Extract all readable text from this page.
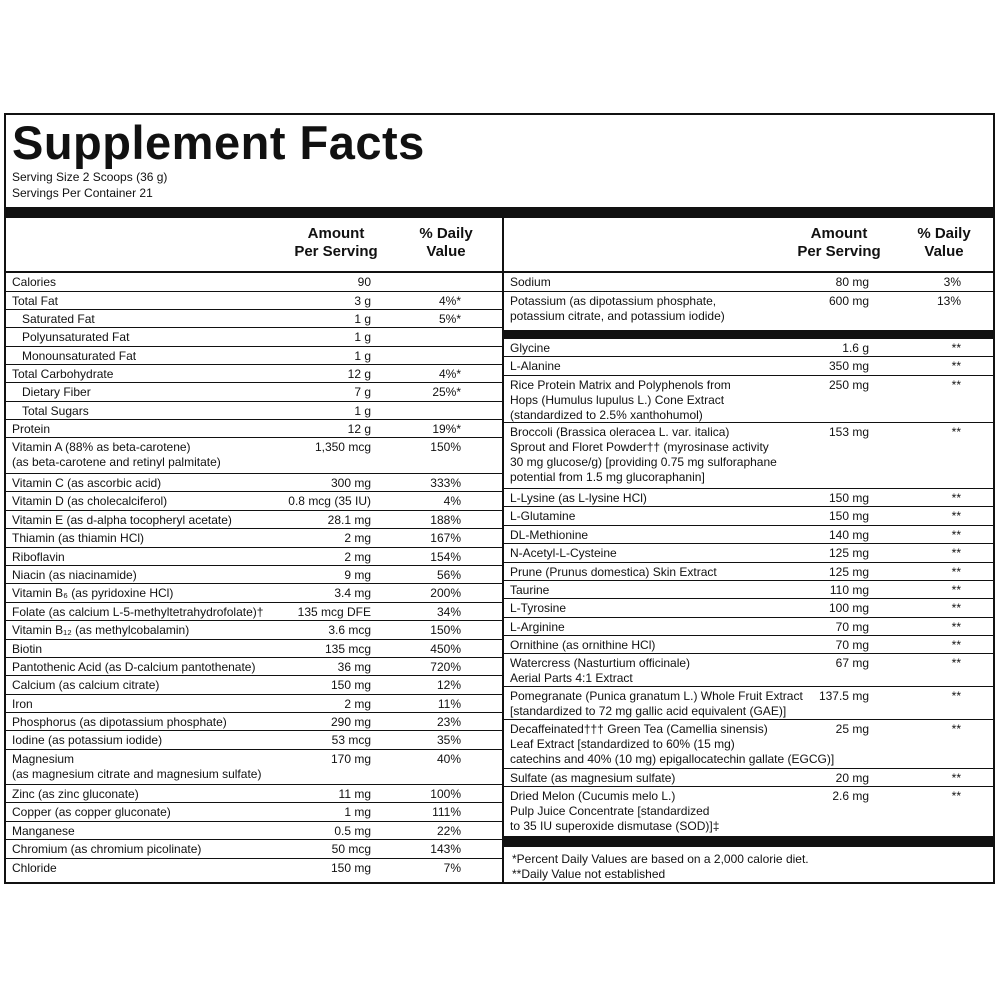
Supplement Facts
Serving Size 2 Scoops (36 g)
Servings Per Container 21
Amount
Per Serving
% Daily
Value
Calories	90
Total Fat	3 g	4%*
Saturated Fat	1 g	5%*
Polyunsaturated Fat	1 g
Monounsaturated Fat	1 g
Total Carbohydrate	12 g	4%*
Dietary Fiber	7 g	25%*
Total Sugars	1 g
Protein	12 g	19%*
Vitamin A (88% as beta-carotene)
(as beta-carotene and retinyl palmitate)
1,350 mcg	150%
Vitamin C (as ascorbic acid)	300 mg	333%
Vitamin D (as cholecalciferol)	0.8 mcg (35 IU)	4%
Vitamin E (as d-alpha tocopheryl acetate)	28.1 mg	188%
Thiamin (as thiamin HCl)	2 mg	167%
Riboflavin	2 mg	154%
Niacin (as niacinamide)	9 mg	56%
Vitamin B₆ (as pyridoxine HCl)	3.4 mg	200%
Folate (as calcium L-5-methyltetrahydrofolate)†	135 mcg DFE	34%
Vitamin B₁₂ (as methylcobalamin)	3.6 mcg	150%
Biotin	135 mcg	450%
Pantothenic Acid (as D-calcium pantothenate)	36 mg	720%
Calcium (as calcium citrate)	150 mg	12%
Iron	2 mg	11%
Phosphorus (as dipotassium phosphate)	290 mg	23%
Iodine (as potassium iodide)	53 mcg	35%
Magnesium
(as magnesium citrate and magnesium sulfate)
170 mg	40%
Zinc (as zinc gluconate)	11 mg	100%
Copper (as copper gluconate)	1 mg	111%
Manganese	0.5 mg	22%
Chromium (as chromium picolinate)	50 mcg	143%
Chloride	150 mg	7%
Amount
Per Serving
% Daily
Value
Sodium	80 mg	3%
Potassium (as dipotassium phosphate,
potassium citrate, and potassium iodide)
600 mg	13%
Glycine	1.6 g	**
L-Alanine	350 mg	**
Rice Protein Matrix and Polyphenols from
Hops (Humulus lupulus L.) Cone Extract
(standardized to 2.5% xanthohumol)
250 mg	**
Broccoli (Brassica oleracea L. var. italica)
Sprout and Floret Powder†† (myrosinase activity
30 mg glucose/g) [providing 0.75 mg sulforaphane
potential from 1.5 mg glucoraphanin]
153 mg	**
L-Lysine (as L-lysine HCl)	150 mg	**
L-Glutamine	150 mg	**
DL-Methionine	140 mg	**
N-Acetyl-L-Cysteine	125 mg	**
Prune (Prunus domestica) Skin Extract	125 mg	**
Taurine	110 mg	**
L-Tyrosine	100 mg	**
L-Arginine	70 mg	**
Ornithine (as ornithine HCl)	70 mg	**
Watercress (Nasturtium officinale)
Aerial Parts 4:1 Extract
67 mg	**
Pomegranate (Punica granatum L.) Whole Fruit Extract
[standardized to 72 mg gallic acid equivalent (GAE)]
137.5 mg	**
Decaffeinated††† Green Tea (Camellia sinensis)
Leaf Extract [standardized to 60% (15 mg)
catechins and 40% (10 mg) epigallocatechin gallate (EGCG)]
25 mg	**
Sulfate (as magnesium sulfate)	20 mg	**
Dried Melon (Cucumis melo L.)
Pulp Juice Concentrate [standardized
to 35 IU superoxide dismutase (SOD)]‡
2.6 mg	**
*Percent Daily Values are based on a 2,000 calorie diet.
**Daily Value not established
